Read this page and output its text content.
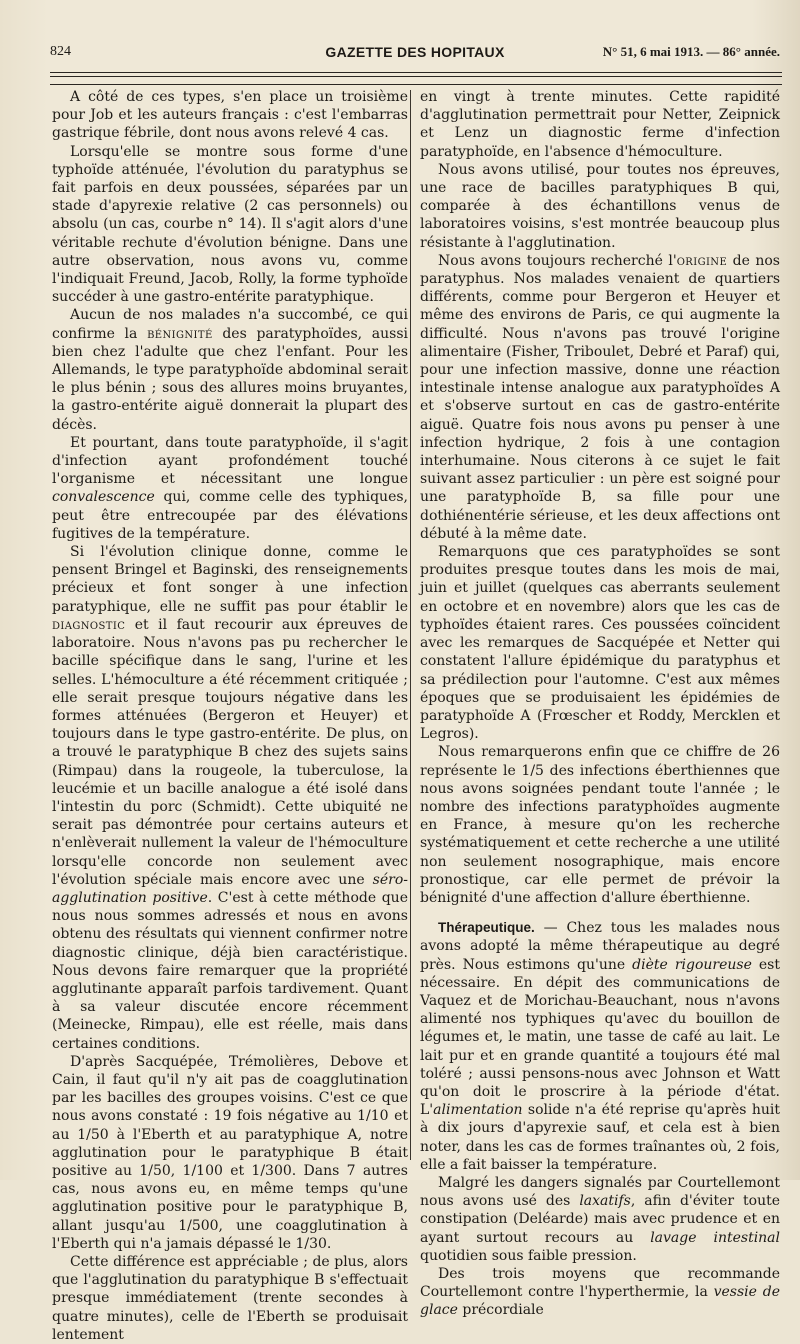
824	GAZETTE DES HOPITAUX	N° 51, 6 mai 1913. — 86° année.

A côté de ces types, s'en place un troisième pour Job et les auteurs français : c'est l'embarras gastrique fébrile, dont nous avons relevé 4 cas.

Lorsqu'elle se montre sous forme d'une typhoïde atténuée, l'évolution du paratyphus se fait parfois en deux poussées, séparées par un stade d'apyrexie relative (2 cas personnels) ou absolu (un cas, courbe n° 14). Il s'agit alors d'une véritable rechute d'évolution bénigne. Dans une autre observation, nous avons vu, comme l'indiquait Freund, Jacob, Rolly, la forme typhoïde succéder à une gastro-entérite paratyphique.

Aucun de nos malades n'a succombé, ce qui confirme la bénignité des paratyphoïdes, aussi bien chez l'adulte que chez l'enfant. Pour les Allemands, le type paratyphoïde abdominal serait le plus bénin ; sous des allures moins bruyantes, la gastro-entérite aiguë donnerait la plupart des décès.

Et pourtant, dans toute paratyphoïde, il s'agit d'infection ayant profondément touché l'organisme et nécessitant une longue convalescence qui, comme celle des typhiques, peut être entrecoupée par des élévations fugitives de la température.

Si l'évolution clinique donne, comme le pensent Bringel et Baginski, des renseignements précieux et font songer à une infection paratyphique, elle ne suffit pas pour établir le diagnostic et il faut recourir aux épreuves de laboratoire. Nous n'avons pas pu rechercher le bacille spécifique dans le sang, l'urine et les selles. L'hémoculture a été récemment critiquée ; elle serait presque toujours négative dans les formes atténuées (Bergeron et Heuyer) et toujours dans le type gastro-entérite. De plus, on a trouvé le paratyphique B chez des sujets sains (Rimpau) dans la rougeole, la tuberculose, la leucémie et un bacille analogue a été isolé dans l'intestin du porc (Schmidt). Cette ubiquité ne serait pas démontrée pour certains auteurs et n'enlèverait nullement la valeur de l'hémoculture lorsqu'elle concorde non seulement avec l'évolution spéciale mais encore avec une séro-agglutination positive. C'est à cette méthode que nous nous sommes adressés et nous en avons obtenu des résultats qui viennent confirmer notre diagnostic clinique, déjà bien caractéristique. Nous devons faire remarquer que la propriété agglutinante apparaît parfois tardivement. Quant à sa valeur discutée encore récemment (Meinecke, Rimpau), elle est réelle, mais dans certaines conditions.

D'après Sacquépée, Trémolières, Debove et Cain, il faut qu'il n'y ait pas de coagglutination par les bacilles des groupes voisins. C'est ce que nous avons constaté : 19 fois négative au 1/10 et au 1/50 à l'Eberth et au paratyphique A, notre agglutination pour le paratyphique B était positive au 1/50, 1/100 et 1/300. Dans 7 autres cas, nous avons eu, en même temps qu'une agglutination positive pour le paratyphique B, allant jusqu'au 1/500, une coagglutination à l'Eberth qui n'a jamais dépassé le 1/30.

Cette différence est appréciable ; de plus, alors que l'agglutination du paratyphique B s'effectuait presque immédiatement (trente secondes à quatre minutes), celle de l'Eberth se produisait lentement

en vingt à trente minutes. Cette rapidité d'agglutination permettrait pour Netter, Zeipnick et Lenz un diagnostic ferme d'infection paratyphoïde, en l'absence d'hémoculture.

Nous avons utilisé, pour toutes nos épreuves, une race de bacilles paratyphiques B qui, comparée à des échantillons venus de laboratoires voisins, s'est montrée beaucoup plus résistante à l'agglutination.

Nous avons toujours recherché l'origine de nos paratyphus. Nos malades venaient de quartiers différents, comme pour Bergeron et Heuyer et même des environs de Paris, ce qui augmente la difficulté. Nous n'avons pas trouvé l'origine alimentaire (Fisher, Triboulet, Debré et Paraf) qui, pour une infection massive, donne une réaction intestinale intense analogue aux paratyphoïdes A et s'observe surtout en cas de gastro-entérite aiguë. Quatre fois nous avons pu penser à une infection hydrique, 2 fois à une contagion interhumaine. Nous citerons à ce sujet le fait suivant assez particulier : un père est soigné pour une paratyphoïde B, sa fille pour une dothiénentérie sérieuse, et les deux affections ont débuté à la même date.

Remarquons que ces paratyphoïdes se sont produites presque toutes dans les mois de mai, juin et juillet (quelques cas aberrants seulement en octobre et en novembre) alors que les cas de typhoïdes étaient rares. Ces poussées coïncident avec les remarques de Sacquépée et Netter qui constatent l'allure épidémique du paratyphus et sa prédilection pour l'automne. C'est aux mêmes époques que se produisaient les épidémies de paratyphoïde A (Frœscher et Roddy, Mercklen et Legros).

Nous remarquerons enfin que ce chiffre de 26 représente le 1/5 des infections éberthiennes que nous avons soignées pendant toute l'année ; le nombre des infections paratyphoïdes augmente en France, à mesure qu'on les recherche systématiquement et cette recherche a une utilité non seulement nosographique, mais encore pronostique, car elle permet de prévoir la bénignité d'une affection d'allure éberthienne.

Thérapeutique. — Chez tous les malades nous avons adopté la même thérapeutique au degré près. Nous estimons qu'une diète rigoureuse est nécessaire. En dépit des communications de Vaquez et de Morichau-Beauchant, nous n'avons alimenté nos typhiques qu'avec du bouillon de légumes et, le matin, une tasse de café au lait. Le lait pur et en grande quantité a toujours été mal toléré ; aussi pensons-nous avec Johnson et Watt qu'on doit le proscrire à la période d'état. L'alimentation solide n'a été reprise qu'après huit à dix jours d'apyrexie sauf, et cela est à bien noter, dans les cas de formes traînantes où, 2 fois, elle a fait baisser la température.

Malgré les dangers signalés par Courtellemont nous avons usé des laxatifs, afin d'éviter toute constipation (Deléarde) mais avec prudence et en ayant surtout recours au lavage intestinal quotidien sous faible pression.

Des trois moyens que recommande Courtellemont contre l'hyperthermie, la vessie de glace précordiale
